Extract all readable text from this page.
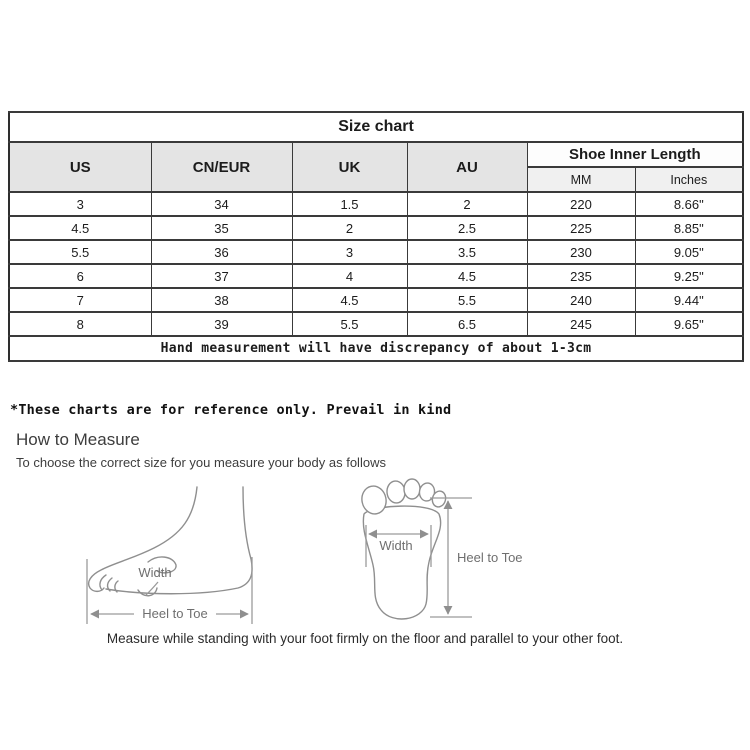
Size chart					
US	CN/EUR	UK	AU	Shoe Inner Length	
				MM	Inches
3	34	1.5	2	220	8.66"
4.5	35	2	2.5	225	8.85"
5.5	36	3	3.5	230	9.05"
6	37	4	4.5	235	9.25"
7	38	4.5	5.5	240	9.44"
8	39	5.5	6.5	245	9.65"
Hand measurement will have discrepancy of about 1-3cm					
*These charts are for reference only. Prevail in kind
How to Measure
To choose the correct size for you measure your body as follows
Width
Heel to Toe
Width
Heel to Toe
Measure while standing with your foot firmly on the floor and parallel to your other foot.
